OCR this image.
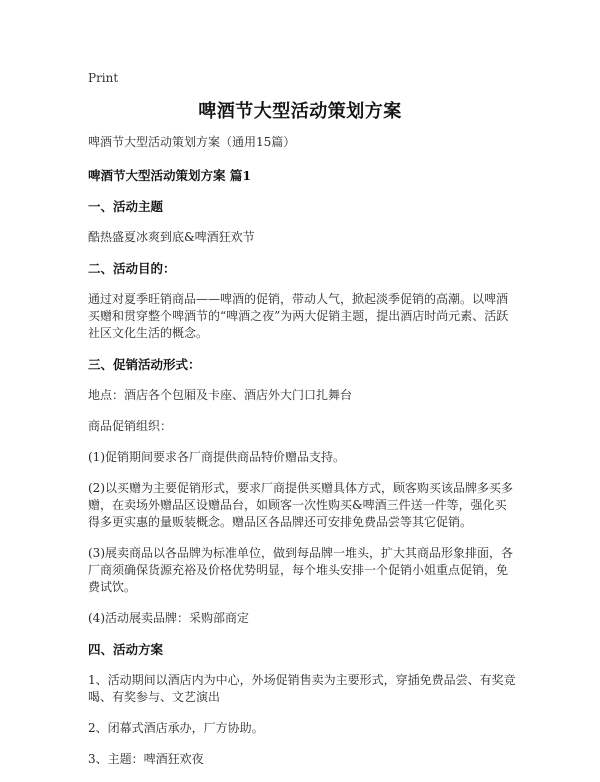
Print
啤酒节大型活动策划方案
啤酒节大型活动策划方案（通用15篇）
啤酒节大型活动策划方案 篇1
一、活动主题
酷热盛夏冰爽到底&啤酒狂欢节
二、活动目的：
通过对夏季旺销商品——啤酒的促销，带动人气，掀起淡季促销的高潮。以啤酒买赠和贯穿整个啤酒节的“啤酒之夜”为两大促销主题，提出酒店时尚元素、活跃社区文化生活的概念。
三、促销活动形式：
地点：酒店各个包厢及卡座、酒店外大门口扎舞台
商品促销组织：
(1)促销期间要求各厂商提供商品特价赠品支持。
(2)以买赠为主要促销形式，要求厂商提供买赠具体方式，顾客购买该品牌多买多赠，在卖场外赠品区设赠品台，如顾客一次性购买&啤酒三件送一件等，强化买得多更实惠的量贩装概念。赠品区各品牌还可安排免费品尝等其它促销。
(3)展卖商品以各品牌为标准单位，做到每品牌一堆头，扩大其商品形象排面，各厂商须确保货源充裕及价格优势明显，每个堆头安排一个促销小姐重点促销，免费试饮。
(4)活动展卖品牌：采购部商定
四、活动方案
1、活动期间以酒店内为中心，外场促销售卖为主要形式，穿插免费品尝、有奖竞喝、有奖参与、文艺演出
2、闭幕式酒店承办，厂方协助。
3、主题：啤酒狂欢夜
